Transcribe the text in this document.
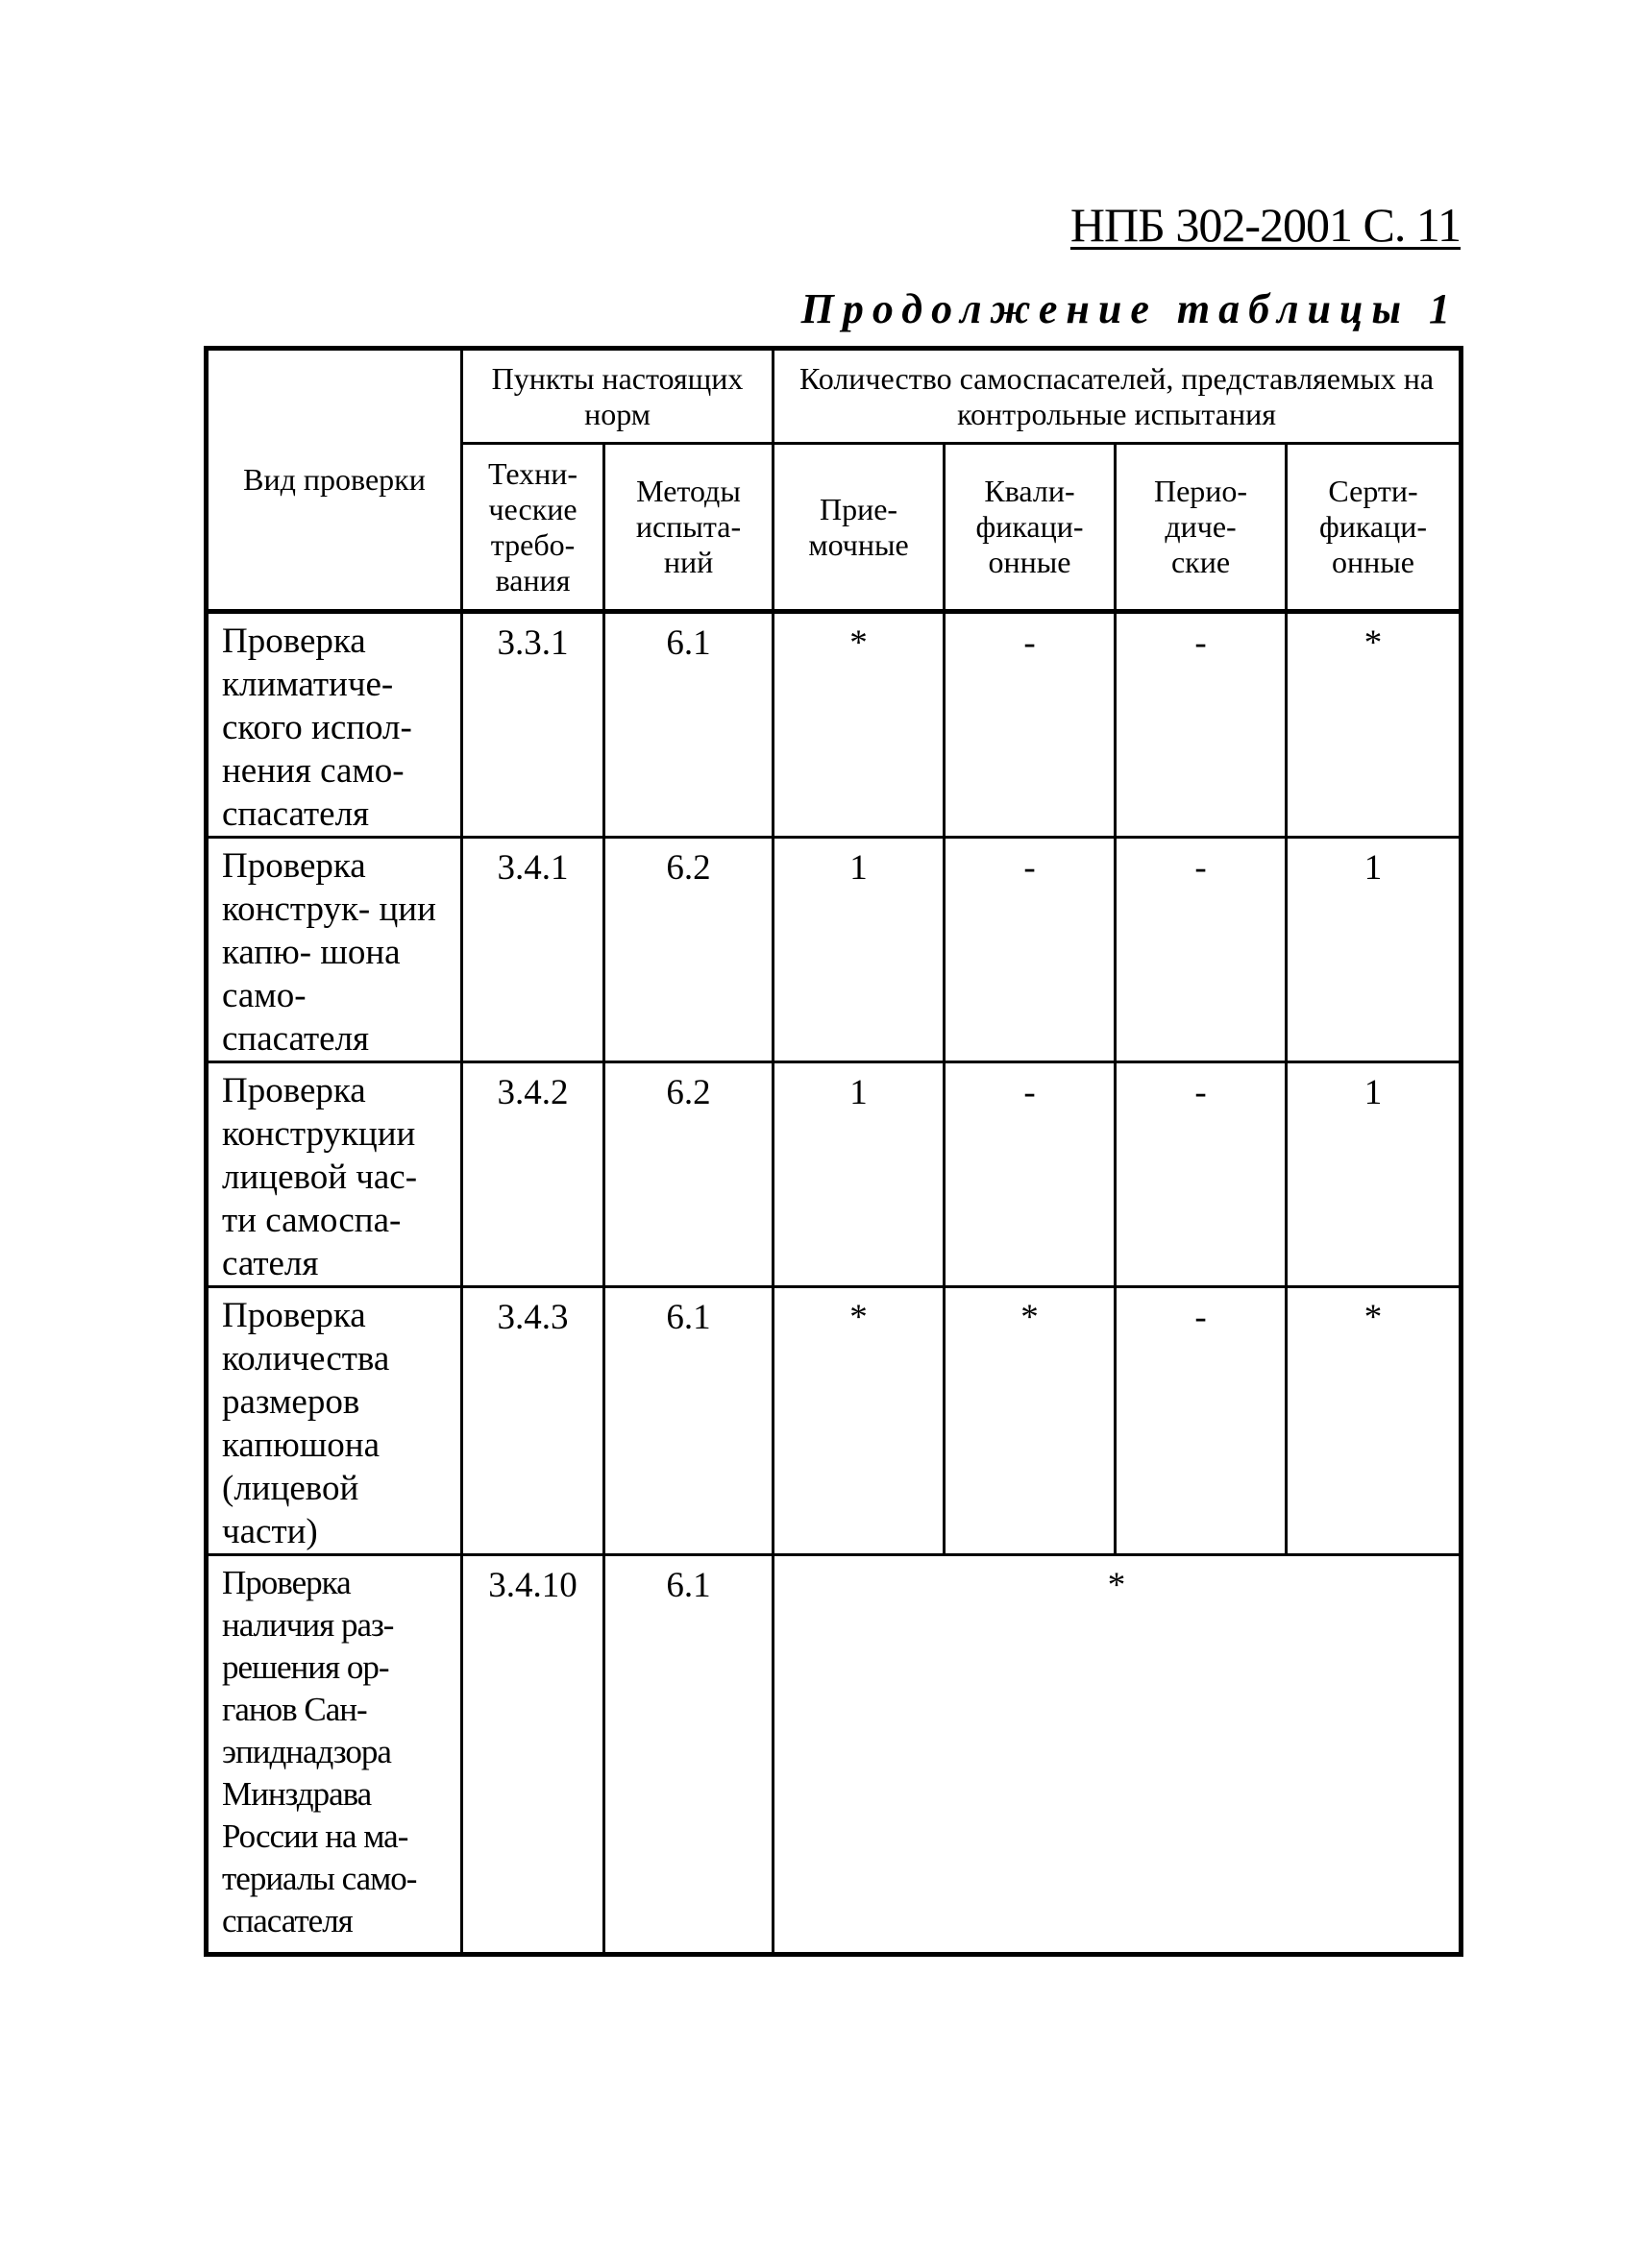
НПБ 302-2001 С. 11
Продолжение таблицы 1
Вид проверки	Пункты настоящих норм		Количество самоспасателей, представляемых на контрольные испытания			
	Техни- ческие требо- вания	Методы испыта- ний	Прие- мочные	Квали- фикаци- онные	Перио- диче- ские	Серти- фикаци- онные
Проверка климатиче- ского испол- нения само- спасателя	3.3.1	6.1	*	-	-	*
Проверка конструк- ции капю- шона само- спасателя	3.4.1	6.2	1	-	-	1
Проверка конструкции лицевой час- ти самоспа- сателя	3.4.2	6.2	1	-	-	1
Проверка количества размеров капюшона (лицевой части)	3.4.3	6.1	*	*	-	*
Проверка наличия раз- решения ор- ганов Сан- эпиднадзора Минздрава России на ма- териалы само- спасателя	3.4.10	6.1	*			
